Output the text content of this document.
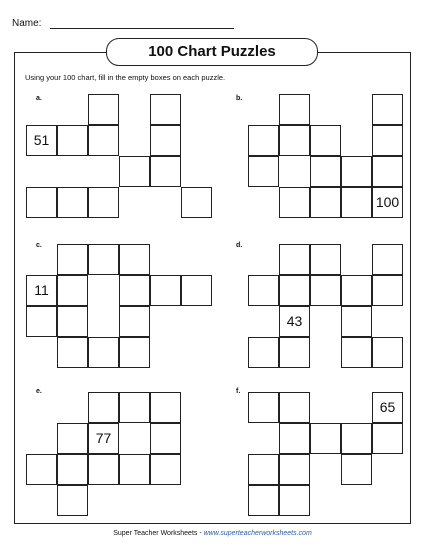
Name:
100 Chart Puzzles
Using your 100 chart, fill in the empty boxes on each puzzle.
a.	b.
c.	d.
e.	f.
51
100
11
43
77
65
Super Teacher Worksheets - www.superteacherworksheets.com
